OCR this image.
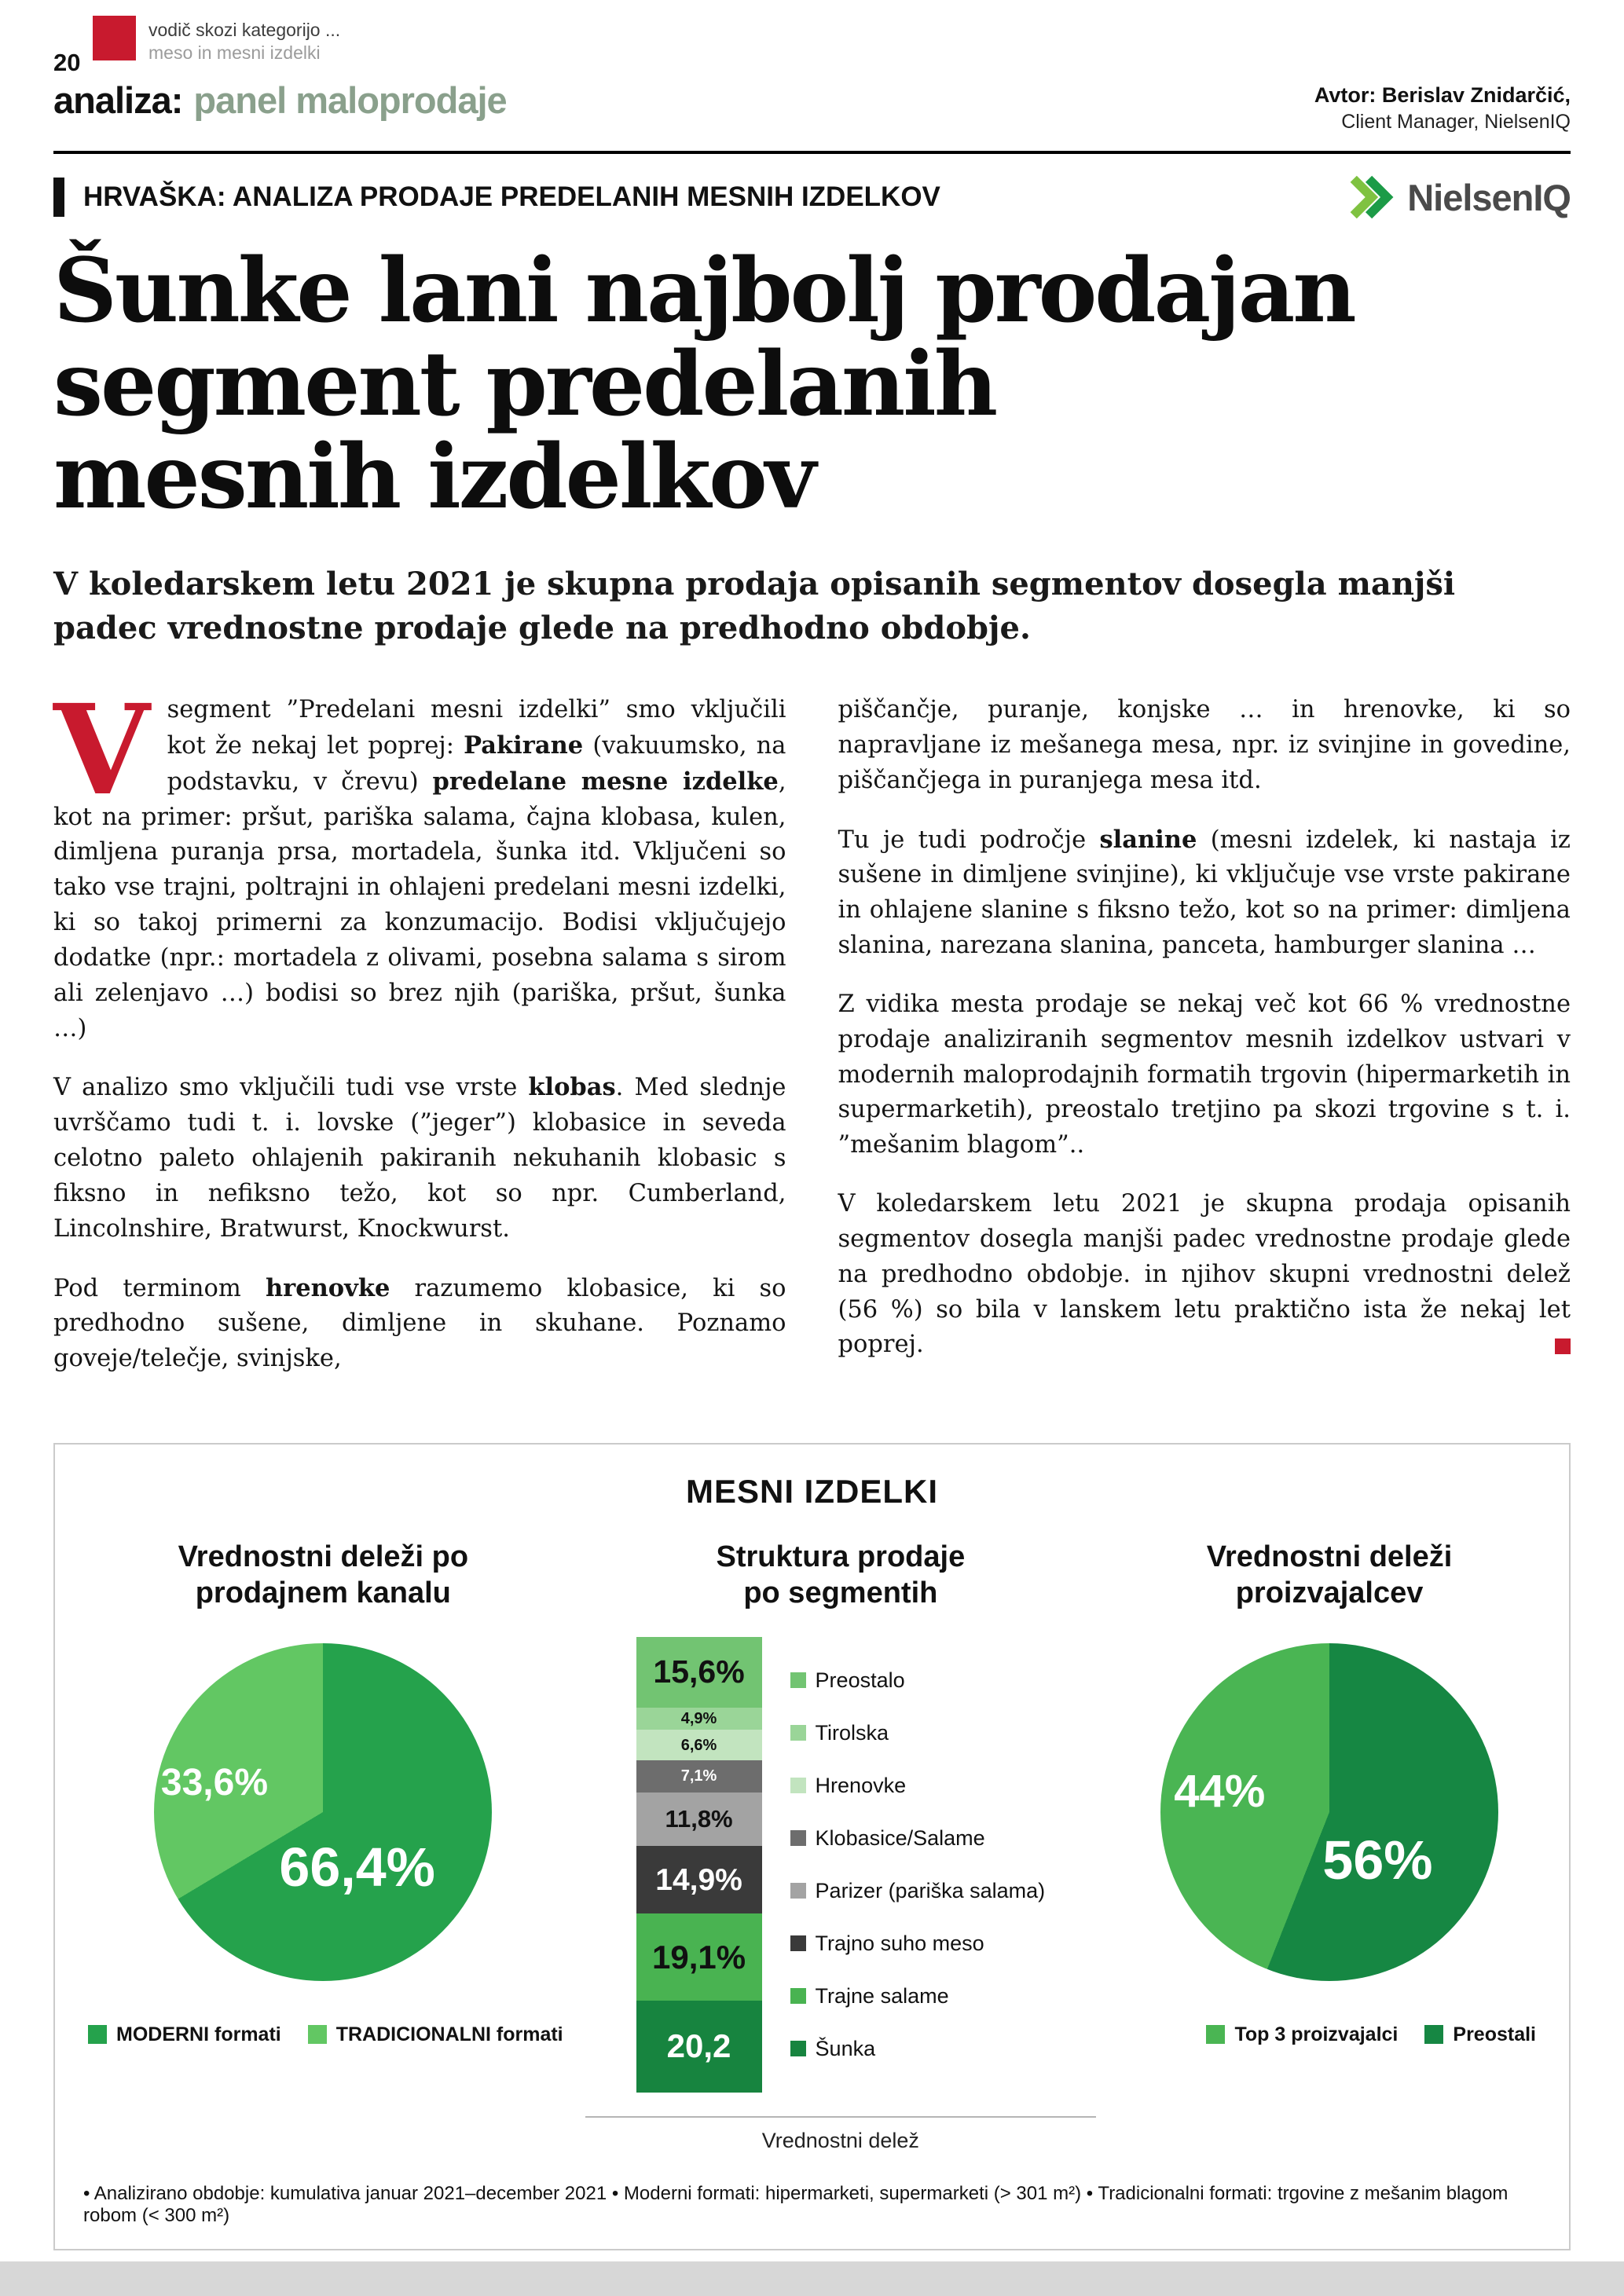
20
vodič skozi kategorijo ...
meso in mesni izdelki
analiza: panel maloprodaje	Avtor: Berislav Znidarčić,
Client Manager, NielsenIQ
HRVAŠKA: ANALIZA PRODAJE PREDELANIH MESNIH IZDELKOV	NielsenIQ
Šunke lani najbolj prodajan
segment predelanih
mesnih izdelkov

V koledarskem letu 2021 je skupna prodaja opisanih segmentov dosegla manjši padec vrednostne prodaje glede na predhodno obdobje.

Vsegment ”Predelani mesni izdelki” smo vključili kot že nekaj let poprej: Pakirane (vakuumsko, na podstavku, v črevu) predelane mesne izdelke, kot na primer: pršut, pariška salama, čajna klobasa, kulen, dimljena puranja prsa, mortadela, šunka itd. Vključeni so tako vse trajni, poltrajni in ohlajeni predelani mesni izdelki, ki so takoj primerni za konzumacijo. Bodisi vključujejo dodatke (npr.: mortadela z olivami, posebna salama s sirom ali zelenjavo …) bodisi so brez njih (pariška, pršut, šunka …)

V analizo smo vključili tudi vse vrste klobas. Med slednje uvrščamo tudi t. i. lovske (”jeger”) klobasice in seveda celotno paleto ohlajenih pakiranih nekuhanih klobasic s fiksno in nefiksno težo, kot so npr. Cumberland, Lincolnshire, Bratwurst, Knockwurst.

Pod terminom hrenovke razumemo klobasice, ki so predhodno sušene, dimljene in skuhane. Poznamo goveje/telečje, svinjske,

piščančje, puranje, konjske … in hrenovke, ki so napravljane iz mešanega mesa, npr. iz svinjine in govedine, piščančjega in puranjega mesa itd.

Tu je tudi področje slanine (mesni izdelek, ki nastaja iz sušene in dimljene svinjine), ki vključuje vse vrste pakirane in ohlajene slanine s fiksno težo, kot so na primer: dimljena slanina, narezana slanina, panceta, hamburger slanina …

Z vidika mesta prodaje se nekaj več kot 66 % vrednostne prodaje analiziranih segmentov mesnih izdelkov ustvari v modernih maloprodajnih formatih trgovin (hipermarketih in supermarketih), preostalo tretjino pa skozi trgovine s t. i. ”mešanim blagom”..

V koledarskem letu 2021 je skupna prodaja opisanih segmentov dosegla manjši padec vrednostne prodaje glede na predhodno obdobje. in njihov skupni vrednostni delež (56 %) so bila v lanskem letu praktično ista že nekaj let poprej.

MESNI IZDELKI
Vrednostni deleži po prodajnem kanalu
33,6%
66,4%
MODERNI formati	TRADICIONALNI formati
Struktura prodaje po segmentih
15,6%
4,9%
6,6%
7,1%
11,8%
14,9%
19,1%
20,2
Preostalo
Tirolska
Hrenovke
Klobasice/Salame
Parizer (pariška salama)
Trajno suho meso
Trajne salame
Šunka
Vrednostni delež
Vrednostni deleži proizvajalcev
44%
56%
Top 3 proizvajalci	Preostali
• Analizirano obdobje: kumulativa januar 2021–december 2021 • Moderni formati: hipermarketi, supermarketi (> 301 m²) • Tradicionalni formati: trgovine z mešanim blagom robom (< 300 m²)
